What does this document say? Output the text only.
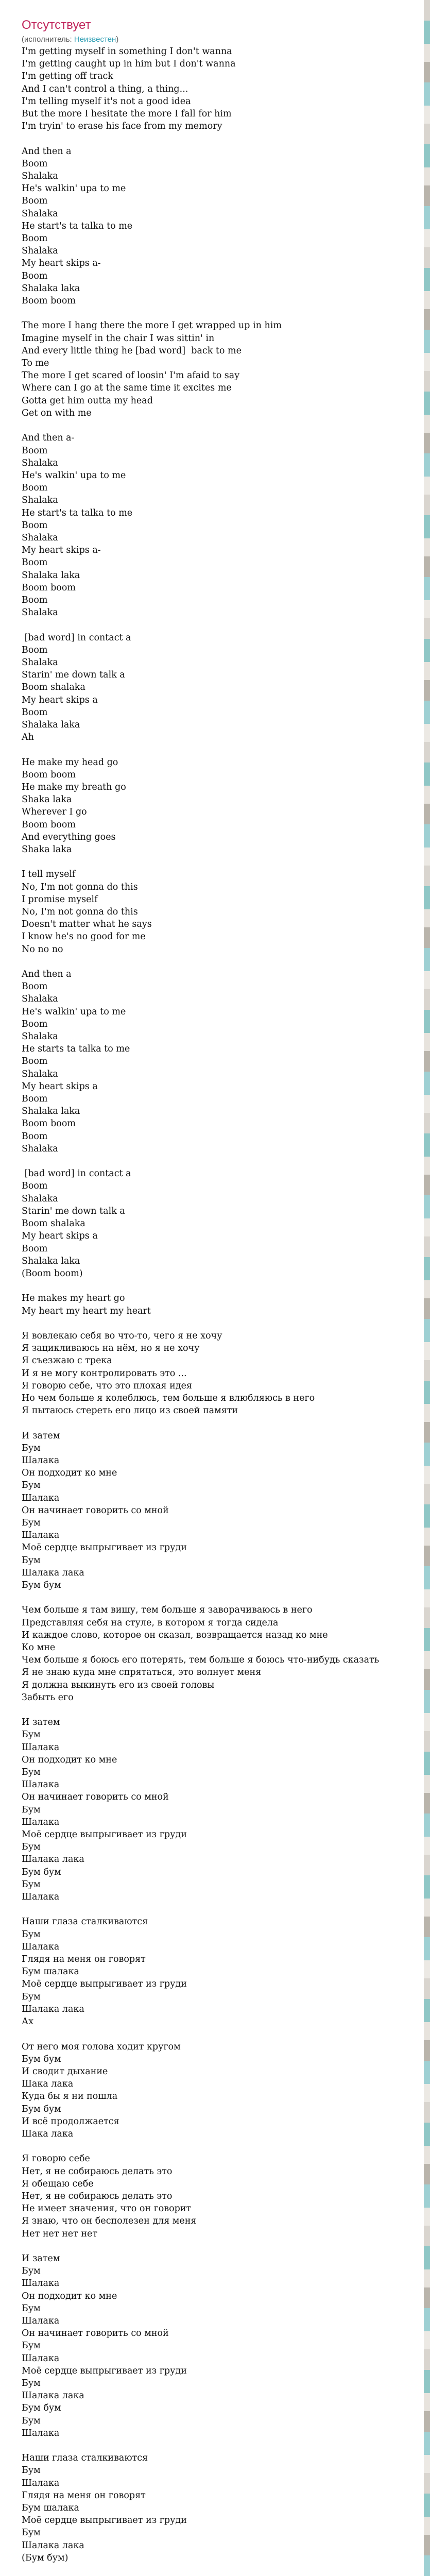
Отсутствует
(исполнитель: Неизвестен)
I'm getting myself in something I don't wanna
I'm getting caught up in him but I don't wanna
I'm getting off track
And I can't control a thing, a thing...
I'm telling myself it's not a good idea
But the more I hesitate the more I fall for him
I'm tryin' to erase his face from my memory

And then a
Boom
Shalaka
He's walkin' upa to me
Boom
Shalaka
He start's ta talka to me
Boom
Shalaka
My heart skips a-
Boom
Shalaka laka
Boom boom

The more I hang there the more I get wrapped up in him
Imagine myself in the chair I was sittin' in
And every little thing he [bad word]  back to me
To me
The more I get scared of loosin' I'm afaid to say
Where can I go at the same time it excites me
Gotta get him outta my head
Get on with me

And then a-
Boom
Shalaka
He's walkin' upa to me
Boom
Shalaka
He start's ta talka to me
Boom
Shalaka
My heart skips a-
Boom
Shalaka laka
Boom boom
Boom
Shalaka

[bad word] in contact a
Boom
Shalaka
Starin' me down talk a
Boom shalaka
My heart skips a
Boom
Shalaka laka
Ah

He make my head go
Boom boom
He make my breath go
Shaka laka
Wherever I go
Boom boom
And everything goes
Shaka laka

I tell myself
No, I'm not gonna do this
I promise myself
No, I'm not gonna do this
Doesn't matter what he says
I know he's no good for me
No no no

And then a
Boom
Shalaka
He's walkin' upa to me
Boom
Shalaka
He starts ta talka to me
Boom
Shalaka
My heart skips a
Boom
Shalaka laka
Boom boom
Boom
Shalaka

[bad word] in contact a
Boom
Shalaka
Starin' me down talk a
Boom shalaka
My heart skips a
Boom
Shalaka laka
(Boom boom)

He makes my heart go
My heart my heart my heart

Я вовлекаю себя во что-то, чего я не хочу
Я зацикливаюсь на нём, но я не хочу
Я съезжаю с трека
И я не могу контролировать это ...
Я говорю себе, что это плохая идея
Но чем больше я колеблюсь, тем больше я влюбляюсь в него
Я пытаюсь стереть его лицо из своей памяти

И затем
Бум
Шалака
Он подходит ко мне
Бум
Шалака
Он начинает говорить со мной
Бум
Шалака
Моё сердце выпрыгивает из груди
Бум
Шалака лака
Бум бум

Чем больше я там вишу, тем больше я заворачиваюсь в него
Представляя себя на стуле, в котором я тогда сидела
И каждое слово, которое он сказал, возвращается назад ко мне
Ко мне
Чем больше я боюсь его потерять, тем больше я боюсь что-нибудь сказать
Я не знаю куда мне спрятаться, это волнует меня
Я должна выкинуть его из своей головы
Забыть его

И затем
Бум
Шалака
Он подходит ко мне
Бум
Шалака
Он начинает говорить со мной
Бум
Шалака
Моё сердце выпрыгивает из груди
Бум
Шалака лака
Бум бум
Бум
Шалака

Наши глаза сталкиваются
Бум
Шалака
Глядя на меня он говорят
Бум шалака
Моё сердце выпрыгивает из груди
Бум
Шалака лака
Ах

От него моя голова ходит кругом
Бум бум
И сводит дыхание
Шака лака
Куда бы я ни пошла
Бум бум
И всё продолжается
Шака лака

Я говорю себе
Нет, я не собираюсь делать это
Я обещаю себе
Нет, я не собираюсь делать это
Не имеет значения, что он говорит
Я знаю, что он бесполезен для меня
Нет нет нет нет

И затем
Бум
Шалака
Он подходит ко мне
Бум
Шалака
Он начинает говорить со мной
Бум
Шалака
Моё сердце выпрыгивает из груди
Бум
Шалака лака
Бум бум
Бум
Шалака

Наши глаза сталкиваются
Бум
Шалака
Глядя на меня он говорят
Бум шалака
Моё сердце выпрыгивает из груди
Бум
Шалака лака
(Бум бум)
